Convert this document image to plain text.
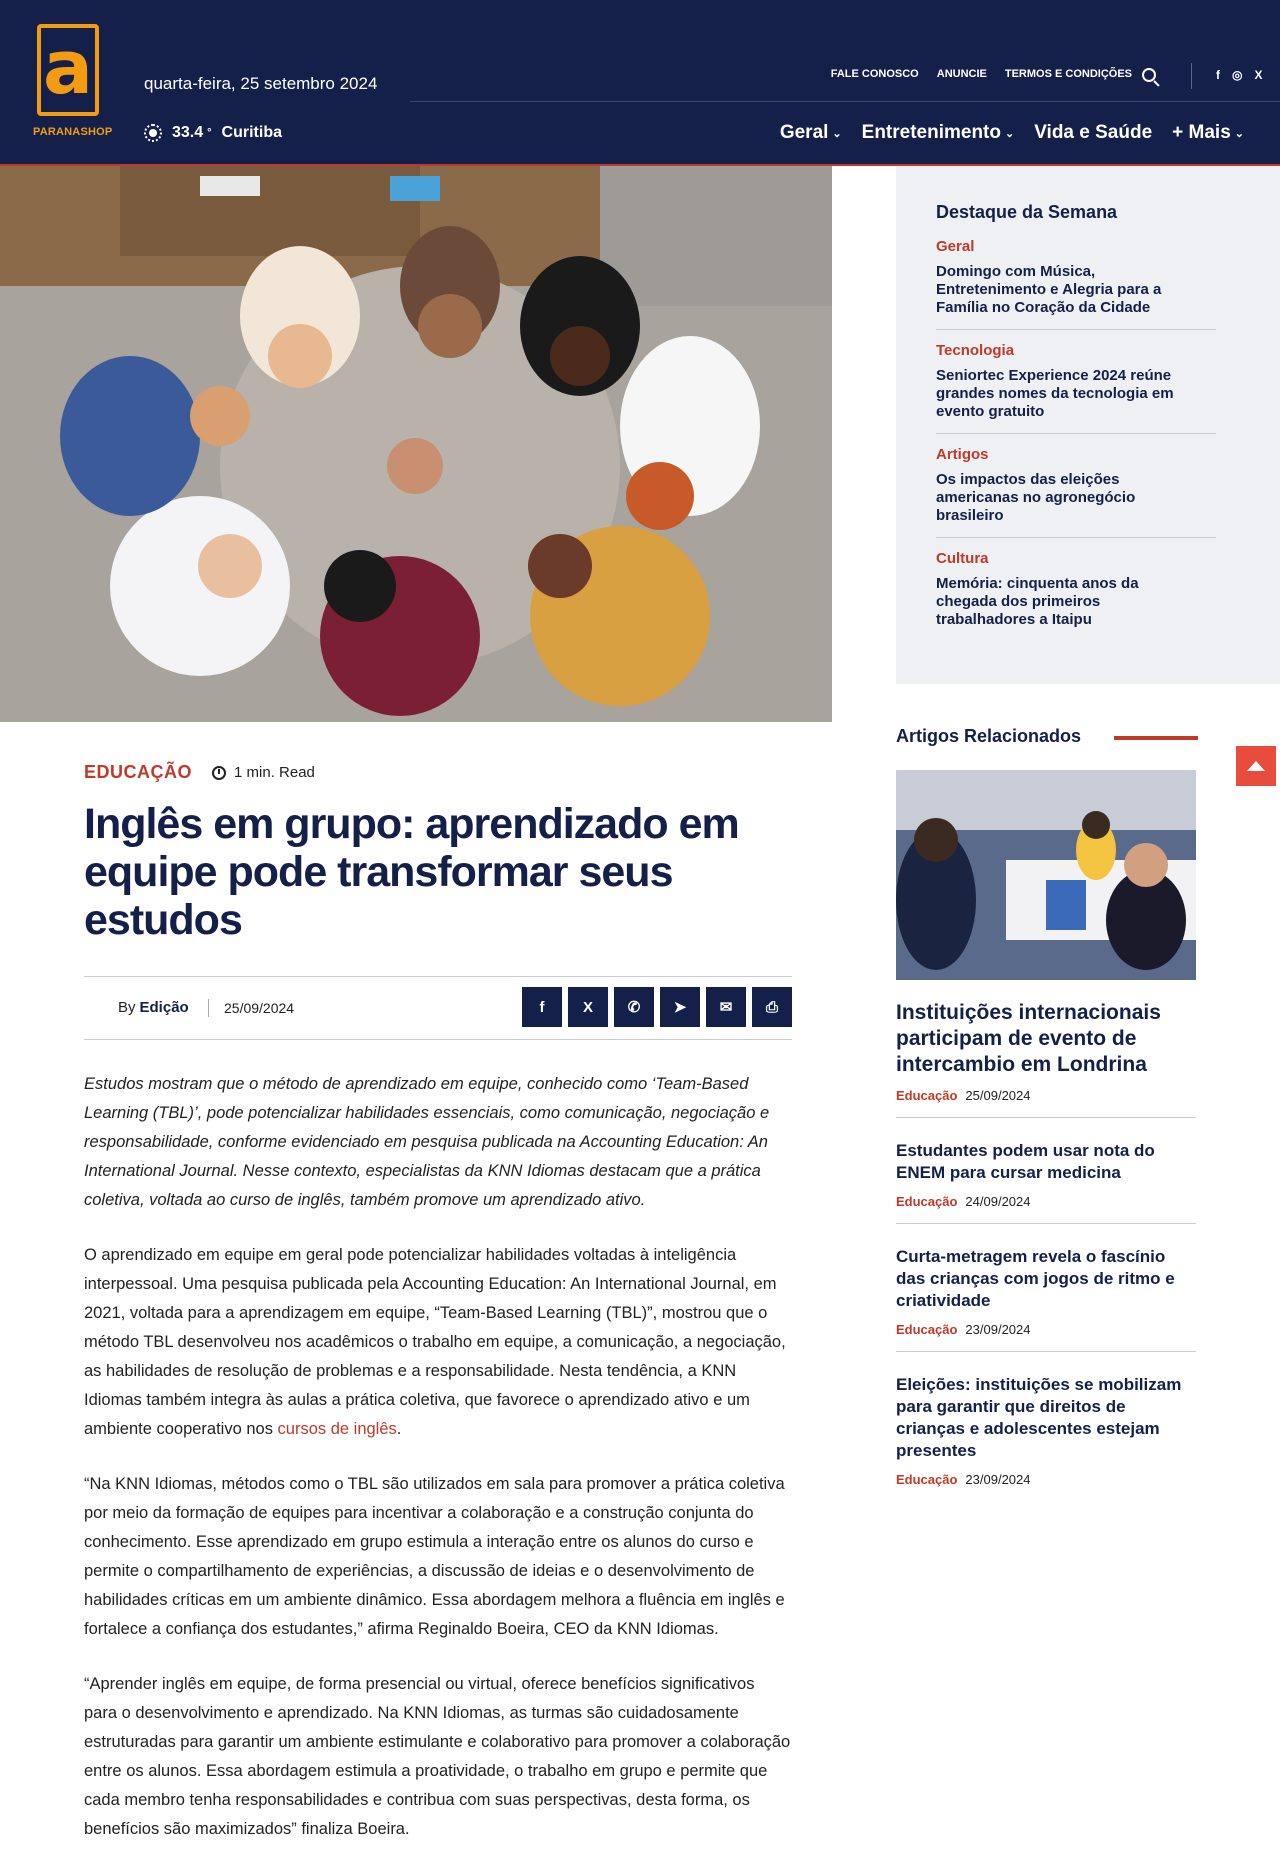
a
PARANASHOP
quarta-feira, 25 setembro 2024
33.4 ° Curitiba
FALE CONOSCO ANUNCIE TERMOS E CONDIÇÕES	f ◎ X
Geral ⌄ Entretenimento ⌄ Vida e Saúde + Mais ⌄
EDUCAÇÃO	1 min. Read
Inglês em grupo: aprendizado em equipe pode transformar seus estudos
By Edição	25/09/2024	f	X	✆	➤	✉	⎙

Estudos mostram que o método de aprendizado em equipe, conhecido como ‘Team-Based Learning (TBL)’, pode potencializar habilidades essenciais, como comunicação, negociação e responsabilidade, conforme evidenciado em pesquisa publicada na Accounting Education: An International Journal. Nesse contexto, especialistas da KNN Idiomas destacam que a prática coletiva, voltada ao curso de inglês, também promove um aprendizado ativo.

O aprendizado em equipe em geral pode potencializar habilidades voltadas à inteligência interpessoal. Uma pesquisa publicada pela Accounting Education: An International Journal, em 2021, voltada para a aprendizagem em equipe, “Team-Based Learning (TBL)”, mostrou que o método TBL desenvolveu nos acadêmicos o trabalho em equipe, a comunicação, a negociação, as habilidades de resolução de problemas e a responsabilidade. Nesta tendência, a KNN Idiomas também integra às aulas a prática coletiva, que favorece o aprendizado ativo e um ambiente cooperativo nos cursos de inglês.

“Na KNN Idiomas, métodos como o TBL são utilizados em sala para promover a prática coletiva por meio da formação de equipes para incentivar a colaboração e a construção conjunta do conhecimento. Esse aprendizado em grupo estimula a interação entre os alunos do curso e permite o compartilhamento de experiências, a discussão de ideias e o desenvolvimento de habilidades críticas em um ambiente dinâmico. Essa abordagem melhora a fluência em inglês e fortalece a confiança dos estudantes,” afirma Reginaldo Boeira, CEO da KNN Idiomas.

“Aprender inglês em equipe, de forma presencial ou virtual, oferece benefícios significativos para o desenvolvimento e aprendizado. Na KNN Idiomas, as turmas são cuidadosamente estruturadas para garantir um ambiente estimulante e colaborativo para promover a colaboração entre os alunos. Essa abordagem estimula a proatividade, o trabalho em grupo e permite que cada membro tenha responsabilidades e contribua com suas perspectivas, desta forma, os benefícios são maximizados” finaliza Boeira.

Destaque da Semana
Geral
Domingo com Música, Entretenimento e Alegria para a Família no Coração da Cidade
Tecnologia
Seniortec Experience 2024 reúne grandes nomes da tecnologia em evento gratuito
Artigos
Os impactos das eleições americanas no agronegócio brasileiro
Cultura
Memória: cinquenta anos da chegada dos primeiros trabalhadores a Itaipu
Artigos Relacionados
Instituições internacionais participam de evento de intercambio em Londrina
Educação 25/09/2024
Estudantes podem usar nota do ENEM para cursar medicina
Educação 24/09/2024
Curta-metragem revela o fascínio das crianças com jogos de ritmo e criatividade
Educação 23/09/2024
Eleições: instituições se mobilizam para garantir que direitos de crianças e adolescentes estejam presentes
Educação 23/09/2024
